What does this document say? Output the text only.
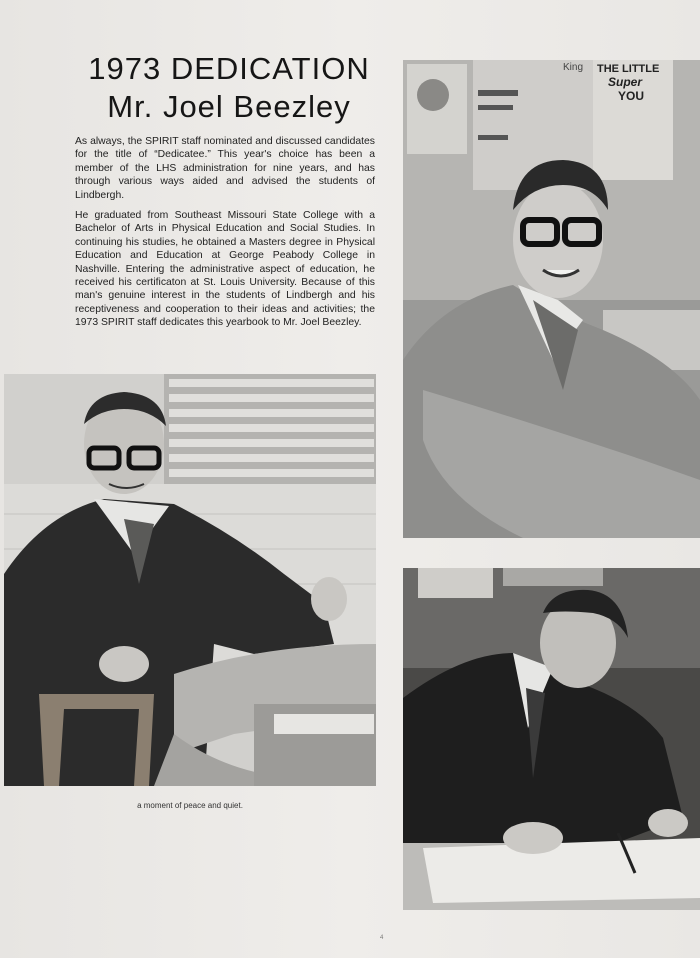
1973 DEDICATION
Mr. Joel Beezley

As always, the SPIRIT staff nominated and discussed candidates for the title of “Dedicatee.” This year's choice has been a member of the LHS administration for nine years, and has through various ways aided and advised the students of Lindbergh.

He graduated from Southeast Missouri State College with a Bachelor of Arts in Physical Education and Social Studies. In continuing his studies, he obtained a Masters degree in Physical Education and Education at George Peabody College in Nashville. Entering the administrative aspect of education, he received his certificaton at St. Louis University. Because of this man's genuine interest in the students of Lindbergh and his receptiveness and cooperation to their ideas and activities; the 1973 SPIRIT staff dedicates this yearbook to Mr. Joel Beezley.

King THE LITTLE
Super
YOU
a moment of peace and quiet.
4
